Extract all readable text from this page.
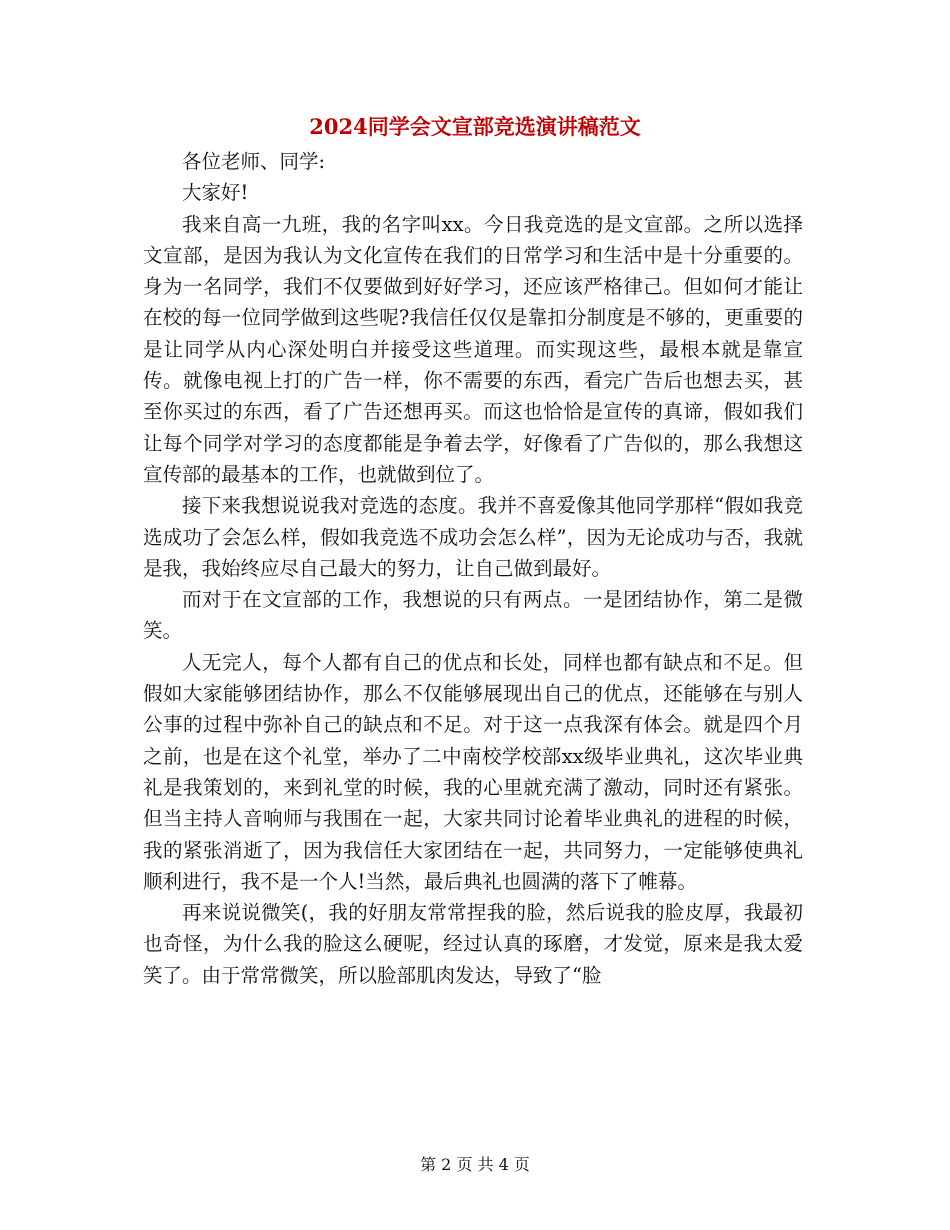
2024同学会文宣部竞选演讲稿范文

各位老师、同学:

大家好!

我来自高一九班，我的名字叫xx。今日我竞选的是文宣部。之所以选择文宣部，是因为我认为文化宣传在我们的日常学习和生活中是十分重要的。身为一名同学，我们不仅要做到好好学习，还应该严格律己。但如何才能让在校的每一位同学做到这些呢?我信任仅仅是靠扣分制度是不够的，更重要的是让同学从内心深处明白并接受这些道理。而实现这些，最根本就是靠宣传。就像电视上打的广告一样，你不需要的东西，看完广告后也想去买，甚至你买过的东西，看了广告还想再买。而这也恰恰是宣传的真谛，假如我们让每个同学对学习的态度都能是争着去学，好像看了广告似的，那么我想这宣传部的最基本的工作，也就做到位了。

接下来我想说说我对竞选的态度。我并不喜爱像其他同学那样“假如我竞选成功了会怎么样，假如我竞选不成功会怎么样”，因为无论成功与否，我就是我，我始终应尽自己最大的努力，让自己做到最好。

而对于在文宣部的工作，我想说的只有两点。一是团结协作，第二是微笑。

人无完人，每个人都有自己的优点和长处，同样也都有缺点和不足。但假如大家能够团结协作，那么不仅能够展现出自己的优点，还能够在与别人公事的过程中弥补自己的缺点和不足。对于这一点我深有体会。就是四个月之前，也是在这个礼堂，举办了二中南校学校部xx级毕业典礼，这次毕业典礼是我策划的，来到礼堂的时候，我的心里就充满了激动，同时还有紧张。但当主持人音响师与我围在一起，大家共同讨论着毕业典礼的进程的时候，我的紧张消逝了，因为我信任大家团结在一起，共同努力，一定能够使典礼顺利进行，我不是一个人!当然，最后典礼也圆满的落下了帷幕。

再来说说微笑(，我的好朋友常常捏我的脸，然后说我的脸皮厚，我最初也奇怪，为什么我的脸这么硬呢，经过认真的琢磨，才发觉，原来是我太爱笑了。由于常常微笑，所以脸部肌肉发达，导致了“脸

第 2 页 共 4 页
